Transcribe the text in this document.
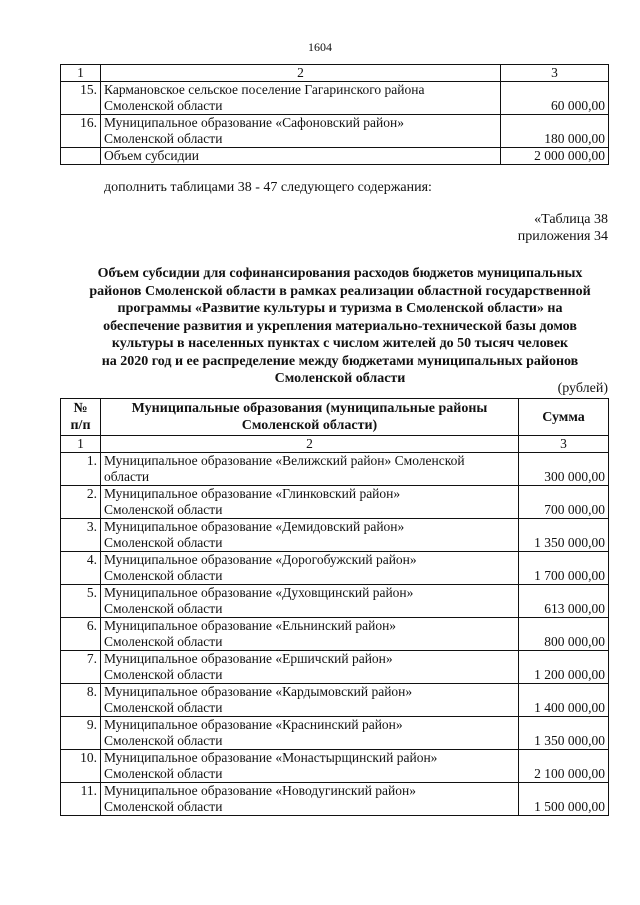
1604
1	2	3
15.	Кармановское сельское поселение Гагаринского района
Смоленской области	60 000,00
16.	Муниципальное образование «Сафоновский район»
Смоленской области	180 000,00
	Объем субсидии	2 000 000,00
дополнить таблицами 38 - 47 следующего содержания:
«Таблица 38
приложения 34
Объем субсидии для софинансирования расходов бюджетов муниципальных
районов Смоленской области в рамках реализации областной государственной
программы «Развитие культуры и туризма в Смоленской области» на
обеспечение развития и укрепления материально-технической базы домов
культуры в населенных пунктах с числом жителей до 50 тысяч человек
на 2020 год и ее распределение между бюджетами муниципальных районов
Смоленской области
(рублей)
№
п/п	Муниципальные образования (муниципальные районы
Смоленской области)	Сумма
1	2	3
1.	Муниципальное образование «Велижский район» Смоленской
области	300 000,00
2.	Муниципальное образование «Глинковский район»
Смоленской области	700 000,00
3.	Муниципальное образование «Демидовский район»
Смоленской области	1 350 000,00
4.	Муниципальное образование «Дорогобужский район»
Смоленской области	1 700 000,00
5.	Муниципальное образование «Духовщинский район»
Смоленской области	613 000,00
6.	Муниципальное образование «Ельнинский район»
Смоленской области	800 000,00
7.	Муниципальное образование «Ершичский район»
Смоленской области	1 200 000,00
8.	Муниципальное образование «Кардымовский район»
Смоленской области	1 400 000,00
9.	Муниципальное образование «Краснинский район»
Смоленской области	1 350 000,00
10.	Муниципальное образование «Монастырщинский район»
Смоленской области	2 100 000,00
11.	Муниципальное образование «Новодугинский район»
Смоленской области	1 500 000,00
